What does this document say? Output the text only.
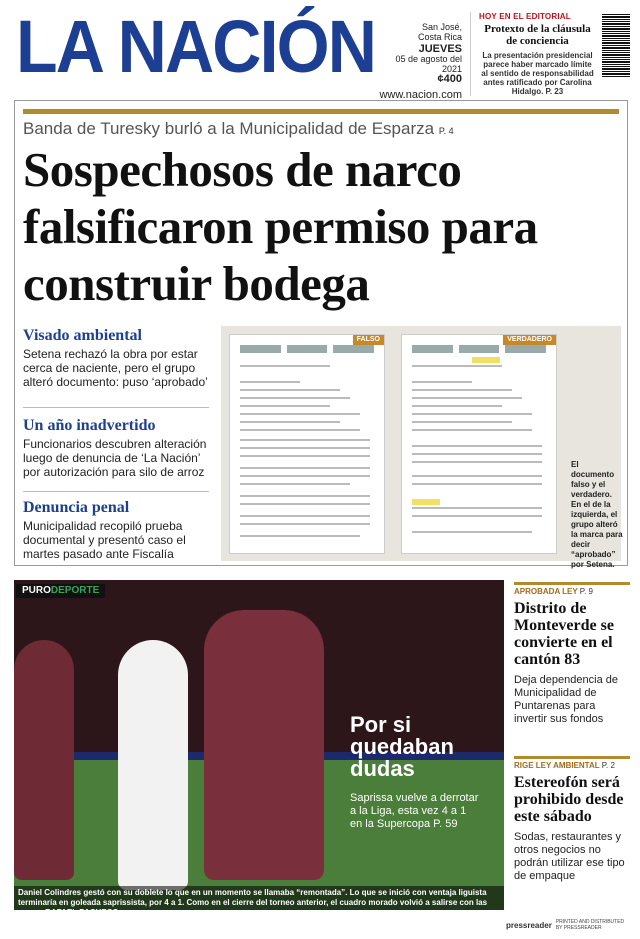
LA NACIÓN	San José,
Costa Rica
JUEVES
05 de agosto del 2021
¢400
www.nacion.com
HOY EN EL EDITORIAL
Protexto de la cláusula de conciencia
La presentación presidencial parece haber marcado límite al sentido de responsabilidad antes ratificado por Carolina Hidalgo. P. 23
Banda de Turesky burló a la Municipalidad de Esparza P. 4
Sospechosos de narco falsificaron permiso para construir bodega
Visado ambiental
Setena rechazó la obra por estar cerca de naciente, pero el grupo alteró documento: puso ‘aprobado’
Un año inadvertido
Funcionarios descubren alteración luego de denuncia de ‘La Nación’ por autorización para silo de arroz
Denuncia penal
Municipalidad recopiló prueba documental y presentó caso el martes pasado ante Fiscalía
FALSO	VERDADERO
El documento falso y el verdadero. En el de la izquierda, el grupo alteró la marca para decir “aprobado” por Setena.
PURODEPORTE
Por si quedaban dudas
Saprissa vuelve a derrotar a la Liga, esta vez 4 a 1 en la Supercopa P. 59
Daniel Colindres gestó con su doblete lo que en un momento se llamaba “remontada”. Lo que se inició con ventaja liguista terminaría en goleada saprissista, por 4 a 1. Como en el cierre del torneo anterior, el cuadro morado volvió a salirse con las suyas. RAFAEL PACHECO
APROBADA LEY P. 9
Distrito de Monteverde se convierte en el cantón 83
Deja dependencia de Municipalidad de Puntarenas para invertir sus fondos
RIGE LEY AMBIENTAL P. 2
Estereofón será prohibido desde este sábado
Sodas, restaurantes y otros negocios no podrán utilizar ese tipo de empaque
pressreader PRINTED AND DISTRIBUTED BY PRESSREADER
